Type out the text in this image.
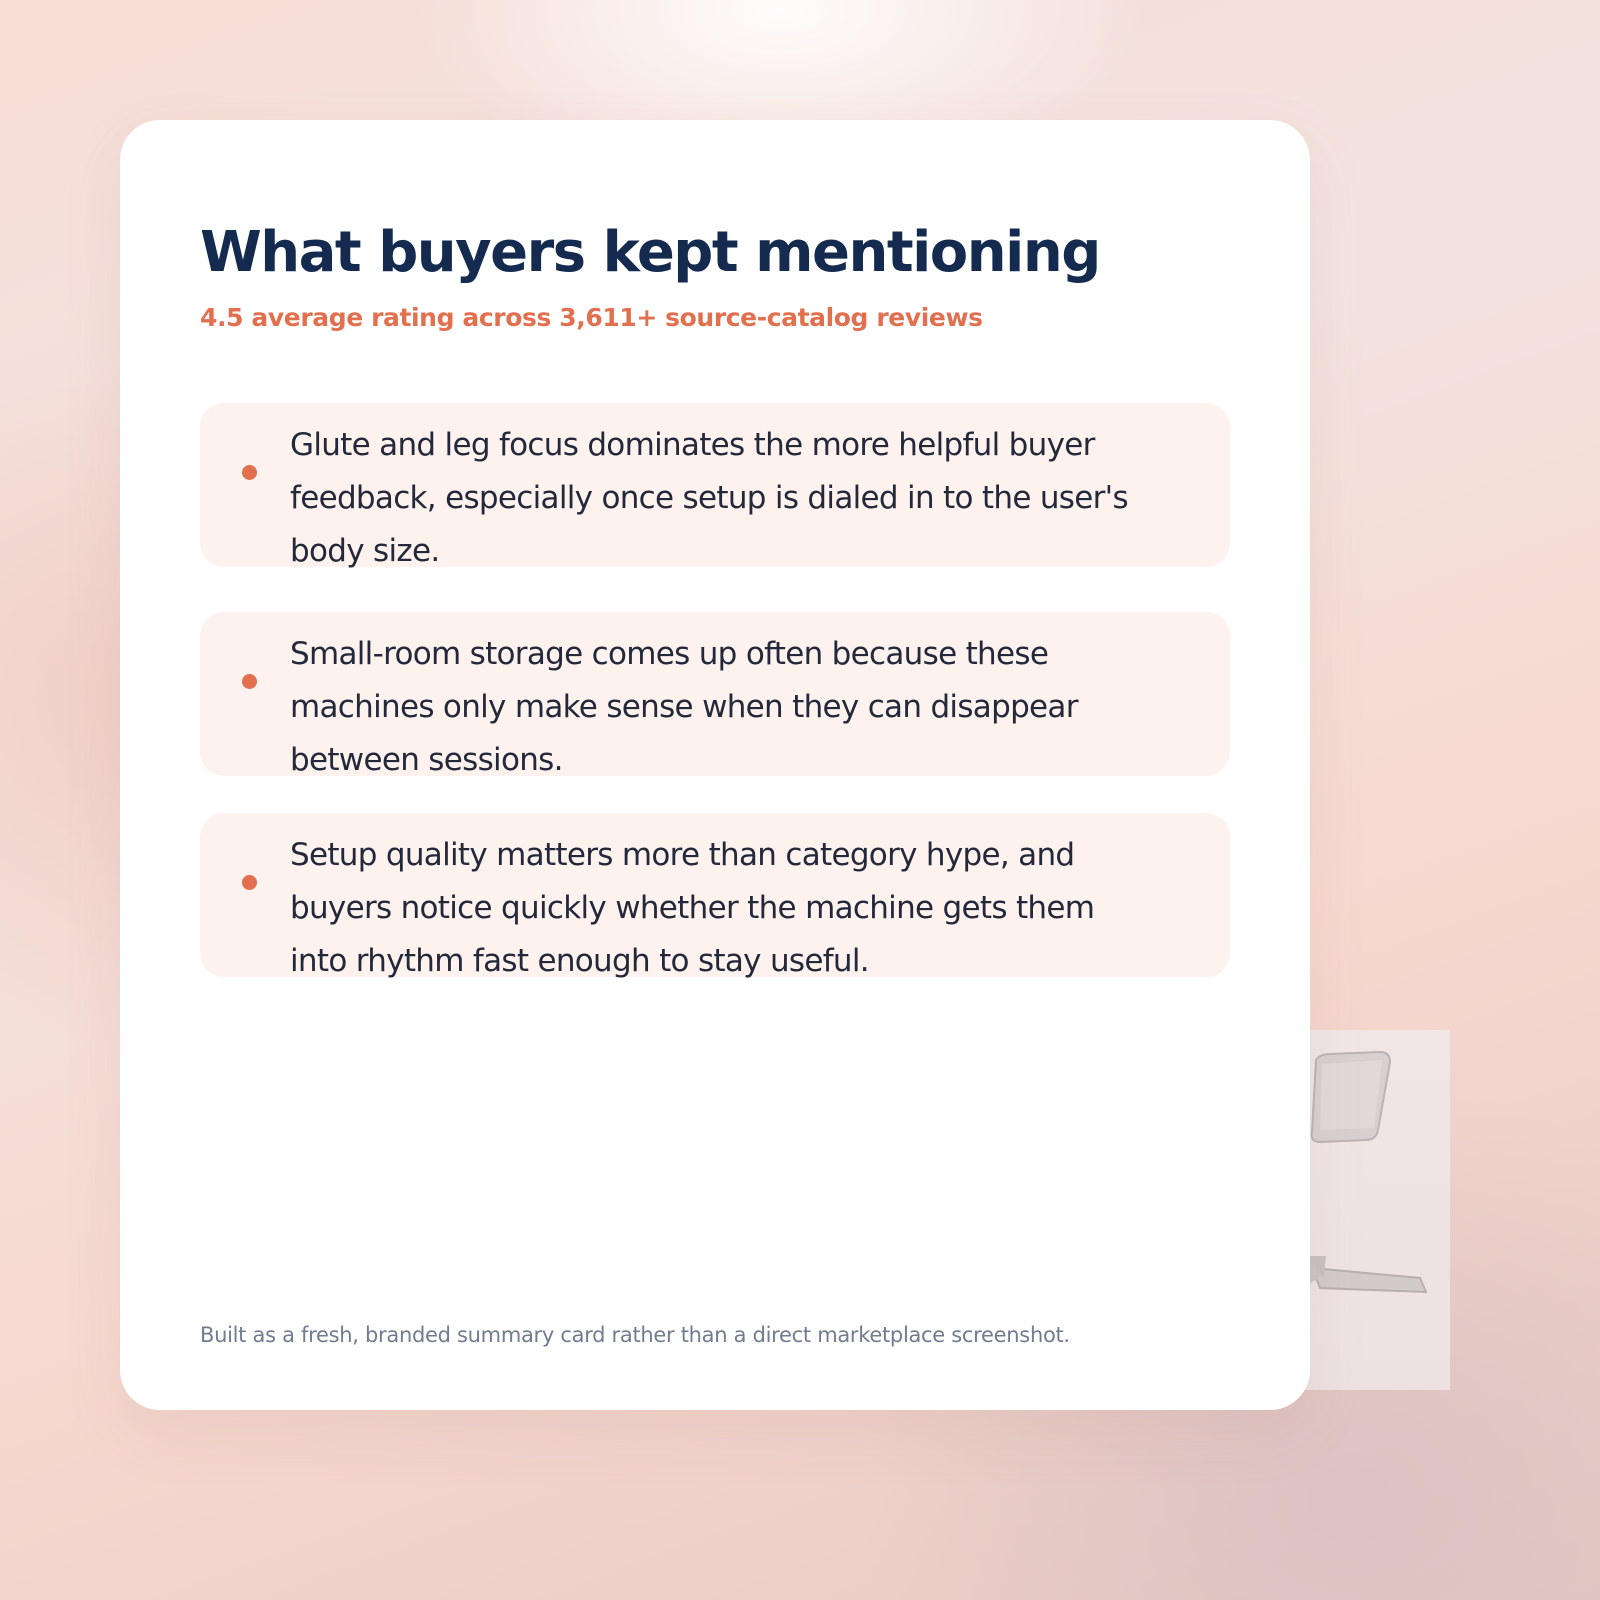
What buyers kept mentioning

4.5 average rating across 3,611+ source-catalog reviews

Glute and leg focus dominates the more helpful buyer feedback, especially once setup is dialed in to the user's body size.

Small-room storage comes up often because these machines only make sense when they can disappear between sessions.

Setup quality matters more than category hype, and buyers notice quickly whether the machine gets them into rhythm fast enough to stay useful.

Built as a fresh, branded summary card rather than a direct marketplace screenshot.
